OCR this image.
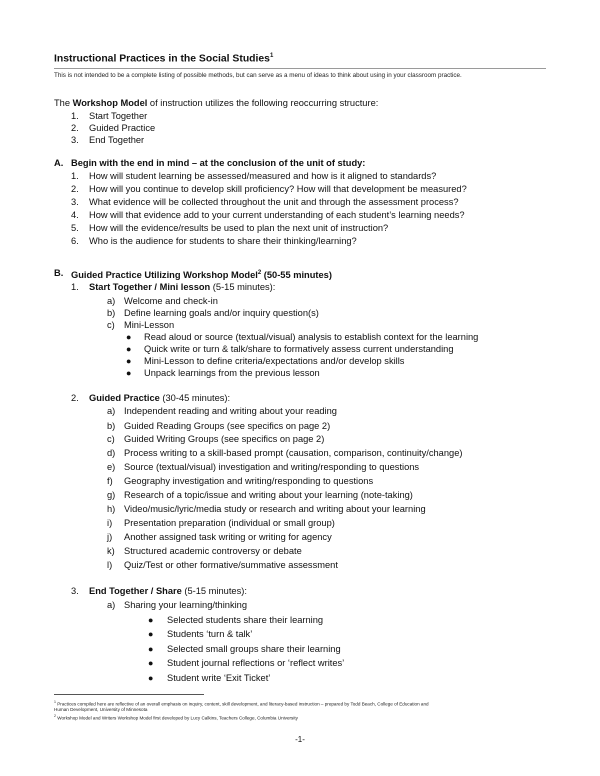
Instructional Practices in the Social Studies$^1$
This is not intended to be a complete listing of possible methods, but can serve as a menu of ideas to think about using in your classroom practice.
The Workshop Model of instruction utilizes the following reoccurring structure:
1. Start Together
2. Guided Practice
3. End Together
A. Begin with the end in mind – at the conclusion of the unit of study:
1. How will student learning be assessed/measured and how is it aligned to standards?
2. How will you continue to develop skill proficiency? How will that development be measured?
3. What evidence will be collected throughout the unit and through the assessment process?
4. How will that evidence add to your current understanding of each student’s learning needs?
5. How will the evidence/results be used to plan the next unit of instruction?
6. Who is the audience for students to share their thinking/learning?
B. Guided Practice Utilizing Workshop Model$^2$ (50-55 minutes)
1. Start Together / Mini lesson (5-15 minutes):
a) Welcome and check-in
b) Define learning goals and/or inquiry question(s)
c) Mini-Lesson
● Read aloud or source (textual/visual) analysis to establish context for the learning
● Quick write or turn & talk/share to formatively assess current understanding
● Mini-Lesson to define criteria/expectations and/or develop skills
● Unpack learnings from the previous lesson
2. Guided Practice (30-45 minutes):
a) Independent reading and writing about your reading
b) Guided Reading Groups (see specifics on page 2)
c) Guided Writing Groups (see specifics on page 2)
d) Process writing to a skill-based prompt (causation, comparison, continuity/change)
e) Source (textual/visual) investigation and writing/responding to questions
f) Geography investigation and writing/responding to questions
g) Research of a topic/issue and writing about your learning (note-taking)
h) Video/music/lyric/media study or research and writing about your learning
i) Presentation preparation (individual or small group)
j) Another assigned task writing or writing for agency
k) Structured academic controversy or debate
l) Quiz/Test or other formative/summative assessment
3. End Together / Share (5-15 minutes):
a) Sharing your learning/thinking
● Selected students share their learning
● Students ‘turn & talk’
● Selected small groups share their learning
● Student journal reflections or ‘reflect writes’
● Student write ‘Exit Ticket’
$^1$ Practices compiled here are reflective of an overall emphasis on inquiry, content, skill development, and literacy-based instruction – prepared by Todd Beach, College of Education and
Human Development, University of Minnesota
$^2$ Workshop Model and Writers Workshop Model first developed by Lucy Calkins, Teachers College, Columbia University
-1-
